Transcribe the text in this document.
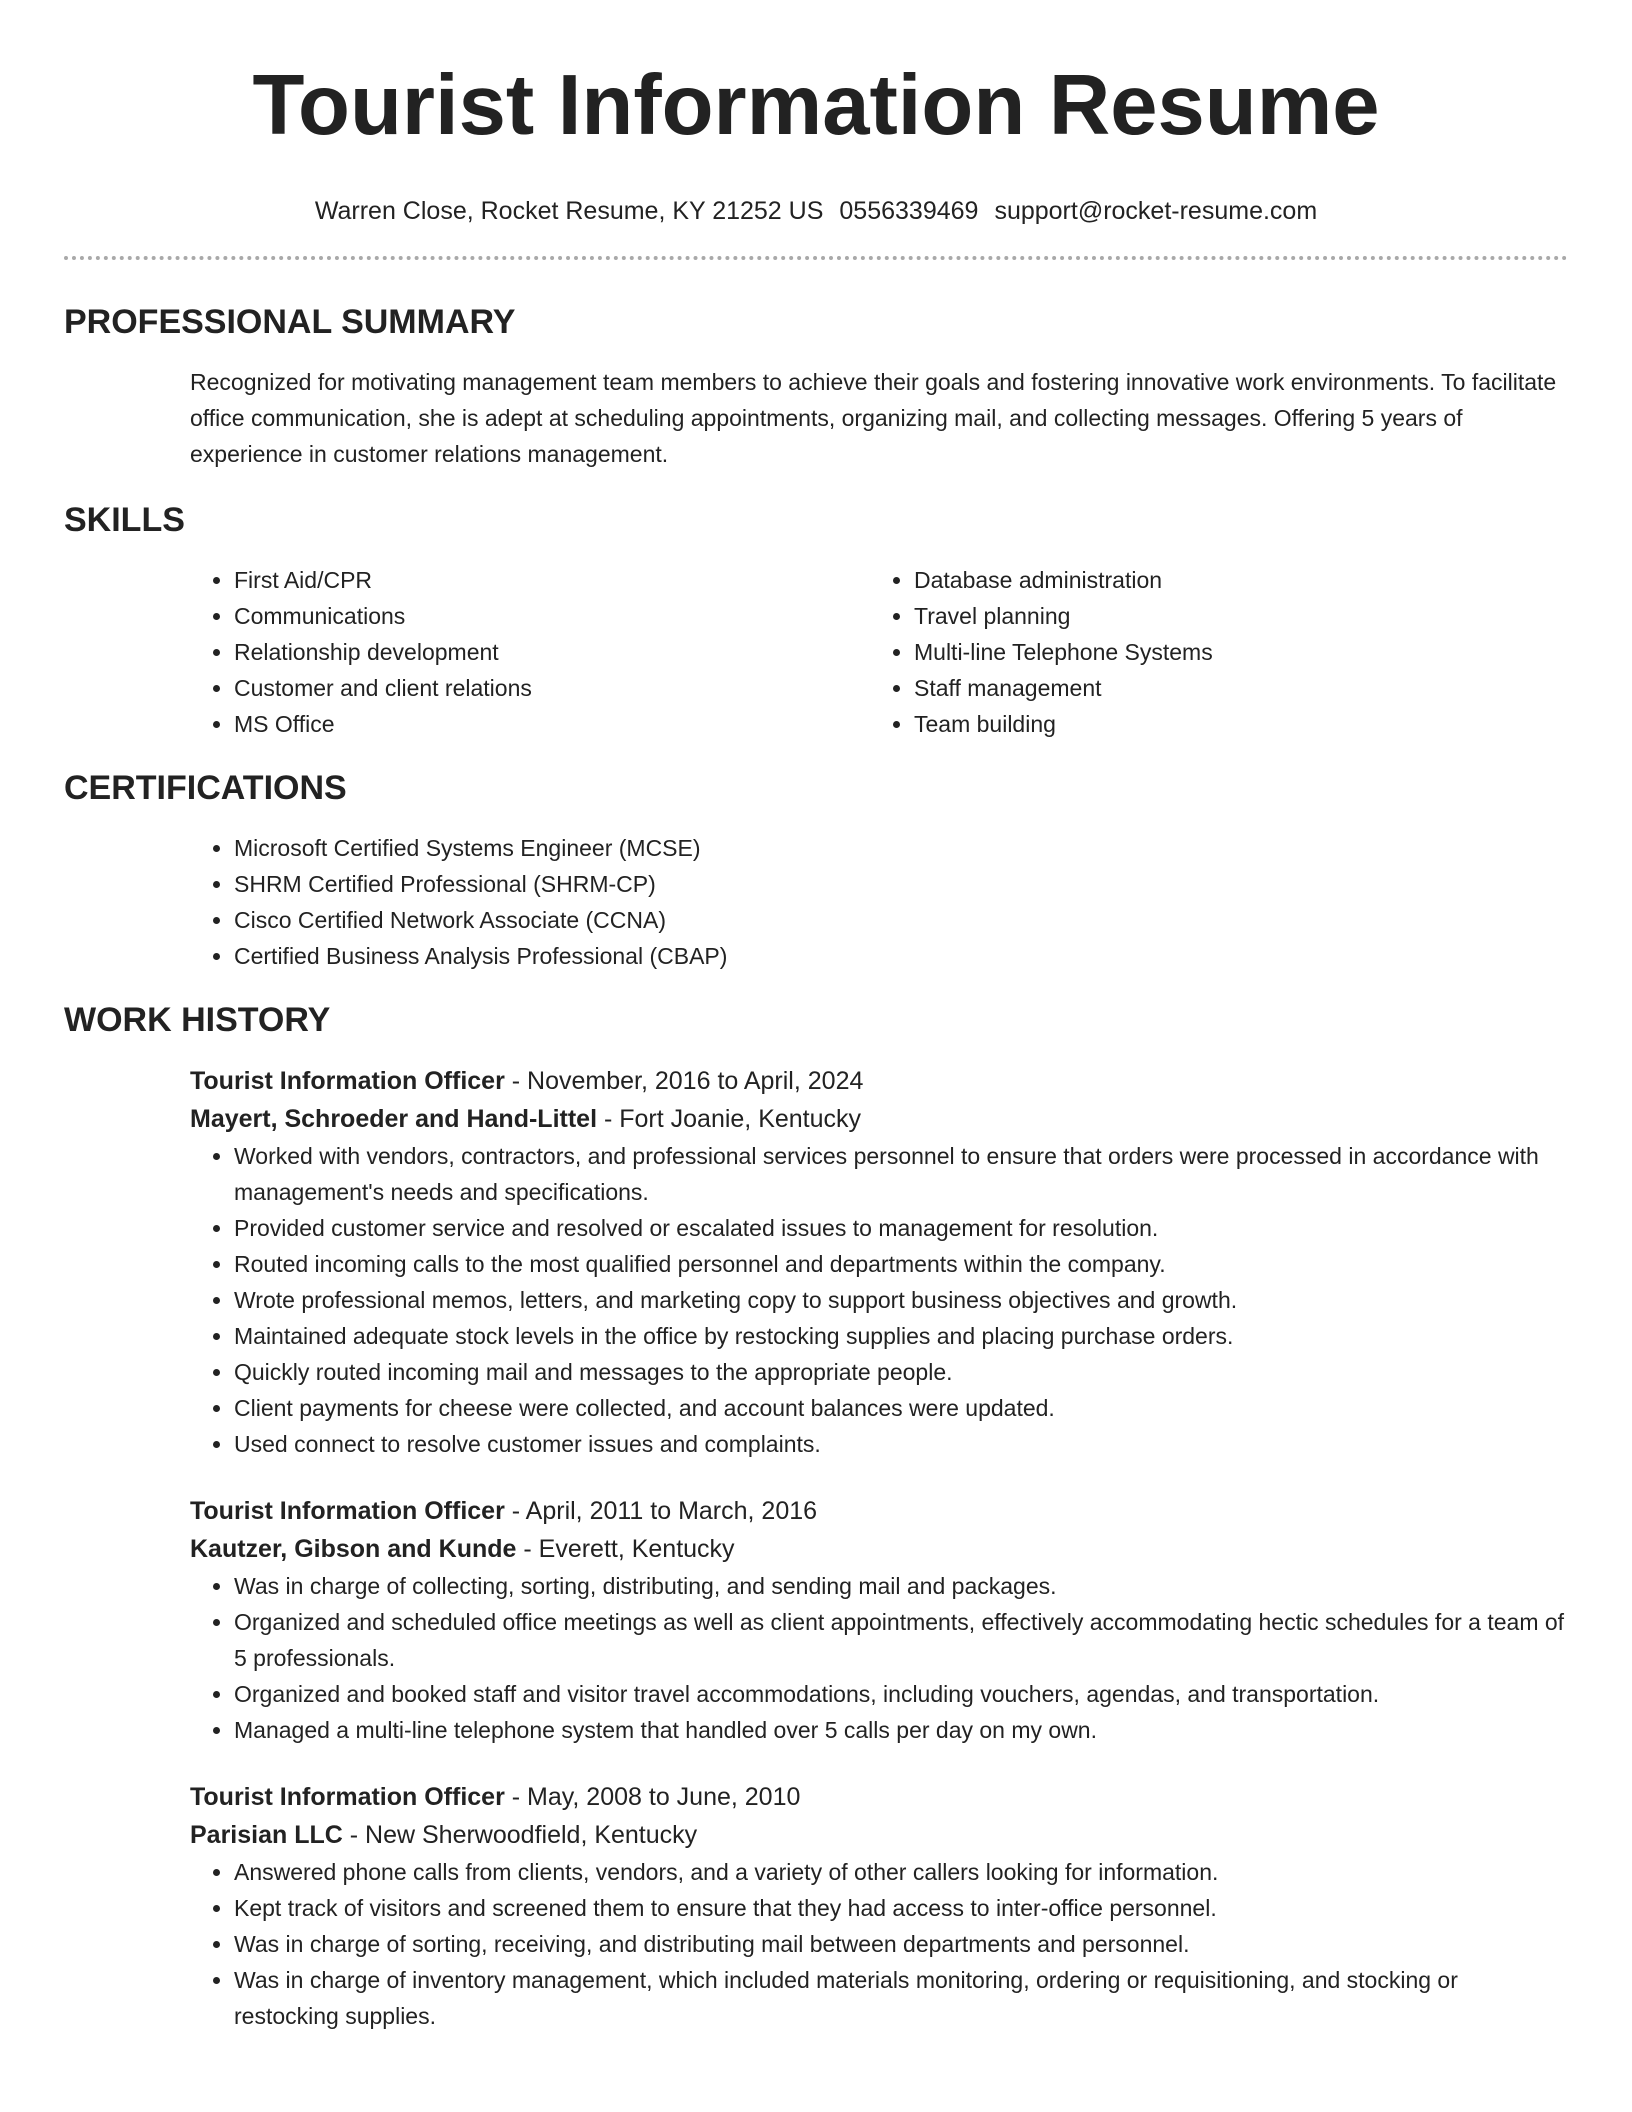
Tourist Information Resume
Warren Close, Rocket Resume, KY 21252 US 0556339469 support@rocket-resume.com
PROFESSIONAL SUMMARY

Recognized for motivating management team members to achieve their goals and fostering innovative work environments. To facilitate office communication, she is adept at scheduling appointments, organizing mail, and collecting messages. Offering 5 years of experience in customer relations management.

SKILLS
• First Aid/CPR
• Communications
• Relationship development
• Customer and client relations
• MS Office
• Database administration
• Travel planning
• Multi-line Telephone Systems
• Staff management
• Team building
CERTIFICATIONS
• Microsoft Certified Systems Engineer (MCSE)
• SHRM Certified Professional (SHRM-CP)
• Cisco Certified Network Associate (CCNA)
• Certified Business Analysis Professional (CBAP)
WORK HISTORY

Tourist Information Officer - November, 2016 to April, 2024

Mayert, Schroeder and Hand-Littel - Fort Joanie, Kentucky

• Worked with vendors, contractors, and professional services personnel to ensure that orders were processed in accordance with management's needs and specifications.
• Provided customer service and resolved or escalated issues to management for resolution.
• Routed incoming calls to the most qualified personnel and departments within the company.
• Wrote professional memos, letters, and marketing copy to support business objectives and growth.
• Maintained adequate stock levels in the office by restocking supplies and placing purchase orders.
• Quickly routed incoming mail and messages to the appropriate people.
• Client payments for cheese were collected, and account balances were updated.
• Used connect to resolve customer issues and complaints.

Tourist Information Officer - April, 2011 to March, 2016

Kautzer, Gibson and Kunde - Everett, Kentucky

• Was in charge of collecting, sorting, distributing, and sending mail and packages.
• Organized and scheduled office meetings as well as client appointments, effectively accommodating hectic schedules for a team of 5 professionals.
• Organized and booked staff and visitor travel accommodations, including vouchers, agendas, and transportation.
• Managed a multi-line telephone system that handled over 5 calls per day on my own.

Tourist Information Officer - May, 2008 to June, 2010

Parisian LLC - New Sherwoodfield, Kentucky

• Answered phone calls from clients, vendors, and a variety of other callers looking for information.
• Kept track of visitors and screened them to ensure that they had access to inter-office personnel.
• Was in charge of sorting, receiving, and distributing mail between departments and personnel.
• Was in charge of inventory management, which included materials monitoring, ordering or requisitioning, and stocking or restocking supplies.
